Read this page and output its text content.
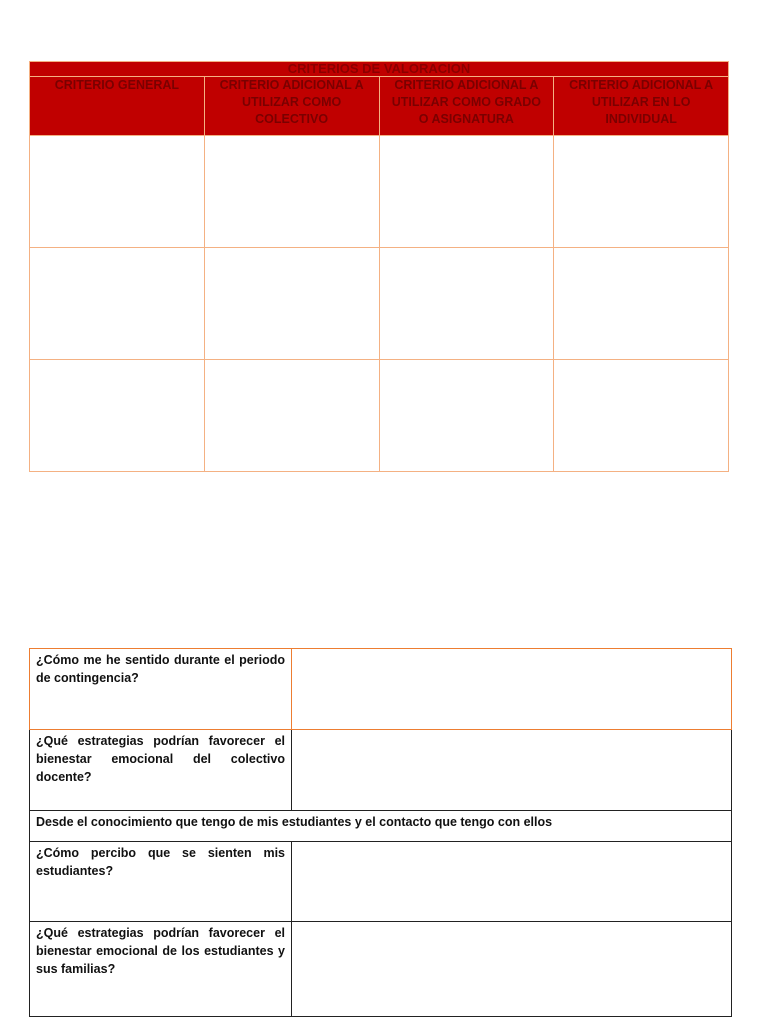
CRITERIOS DE VALORACION			
CRITERIO GENERAL	CRITERIO ADICIONAL A UTILIZAR COMO COLECTIVO	CRITERIO ADICIONAL A UTILIZAR COMO GRADO O ASIGNATURA	CRITERIO ADICIONAL A UTILIZAR EN LO INDIVIDUAL

¿Cómo me he sentido durante el periodo de contingencia?	
¿Qué estrategias podrían favorecer el bienestar emocional del colectivo docente?	
Desde el conocimiento que tengo de mis estudiantes y el contacto que tengo con ellos	
¿Cómo percibo que se sienten mis estudiantes?	
¿Qué estrategias podrían favorecer el bienestar emocional de los estudiantes y sus familias?	
